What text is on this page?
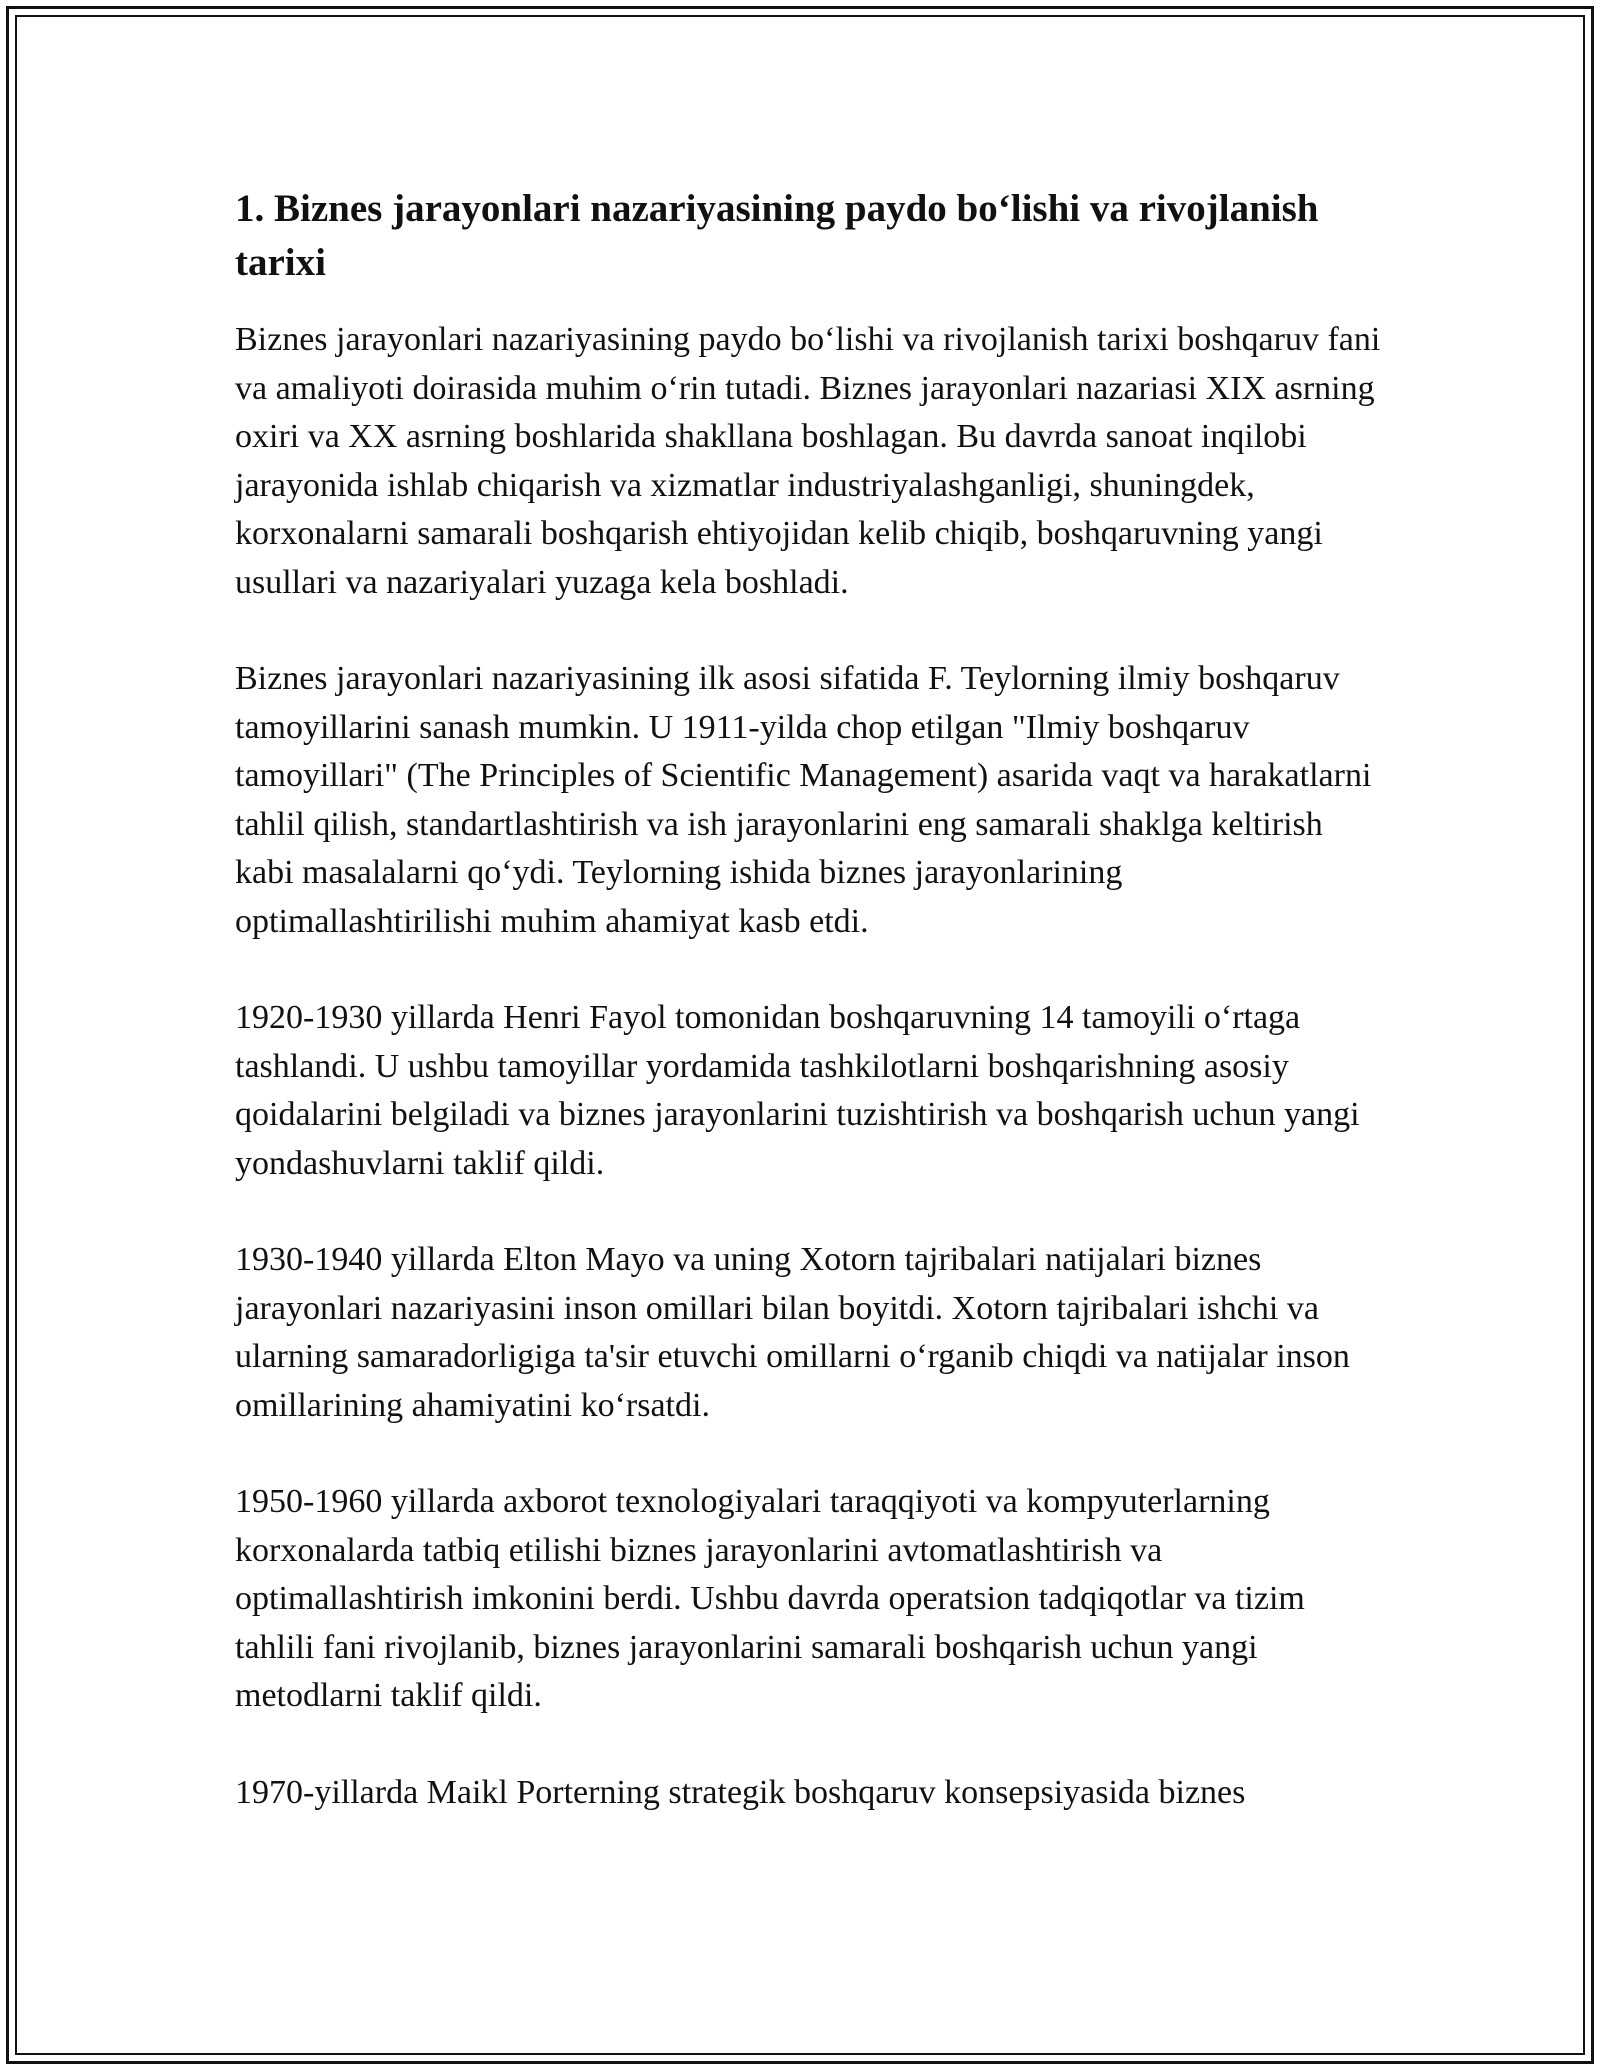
1. Biznes jarayonlari nazariyasining paydo bo‘lishi va rivojlanish tarixi

Biznes jarayonlari nazariyasining paydo bo‘lishi va rivojlanish tarixi boshqaruv fani va amaliyoti doirasida muhim o‘rin tutadi. Biznes jarayonlari nazariasi XIX asrning oxiri va XX asrning boshlarida shakllana boshlagan. Bu davrda sanoat inqilobi jarayonida ishlab chiqarish va xizmatlar industriyalashganligi, shuningdek, korxonalarni samarali boshqarish ehtiyojidan kelib chiqib, boshqaruvning yangi usullari va nazariyalari yuzaga kela boshladi.

Biznes jarayonlari nazariyasining ilk asosi sifatida F. Teylorning ilmiy boshqaruv tamoyillarini sanash mumkin. U 1911-yilda chop etilgan "Ilmiy boshqaruv tamoyillari" (The Principles of Scientific Management) asarida vaqt va harakatlarni tahlil qilish, standartlashtirish va ish jarayonlarini eng samarali shaklga keltirish kabi masalalarni qo‘ydi. Teylorning ishida biznes jarayonlarining optimallashtirilishi muhim ahamiyat kasb etdi.

1920-1930 yillarda Henri Fayol tomonidan boshqaruvning 14 tamoyili o‘rtaga tashlandi. U ushbu tamoyillar yordamida tashkilotlarni boshqarishning asosiy qoidalarini belgiladi va biznes jarayonlarini tuzishtirish va boshqarish uchun yangi yondashuvlarni taklif qildi.

1930-1940 yillarda Elton Mayo va uning Xotorn tajribalari natijalari biznes jarayonlari nazariyasini inson omillari bilan boyitdi. Xotorn tajribalari ishchi va ularning samaradorligiga ta'sir etuvchi omillarni o‘rganib chiqdi va natijalar inson omillarining ahamiyatini ko‘rsatdi.

1950-1960 yillarda axborot texnologiyalari taraqqiyoti va kompyuterlarning korxonalarda tatbiq etilishi biznes jarayonlarini avtomatlashtirish va optimallashtirish imkonini berdi. Ushbu davrda operatsion tadqiqotlar va tizim tahlili fani rivojlanib, biznes jarayonlarini samarali boshqarish uchun yangi metodlarni taklif qildi.

1970-yillarda Maikl Porterning strategik boshqaruv konsepsiyasida biznes
